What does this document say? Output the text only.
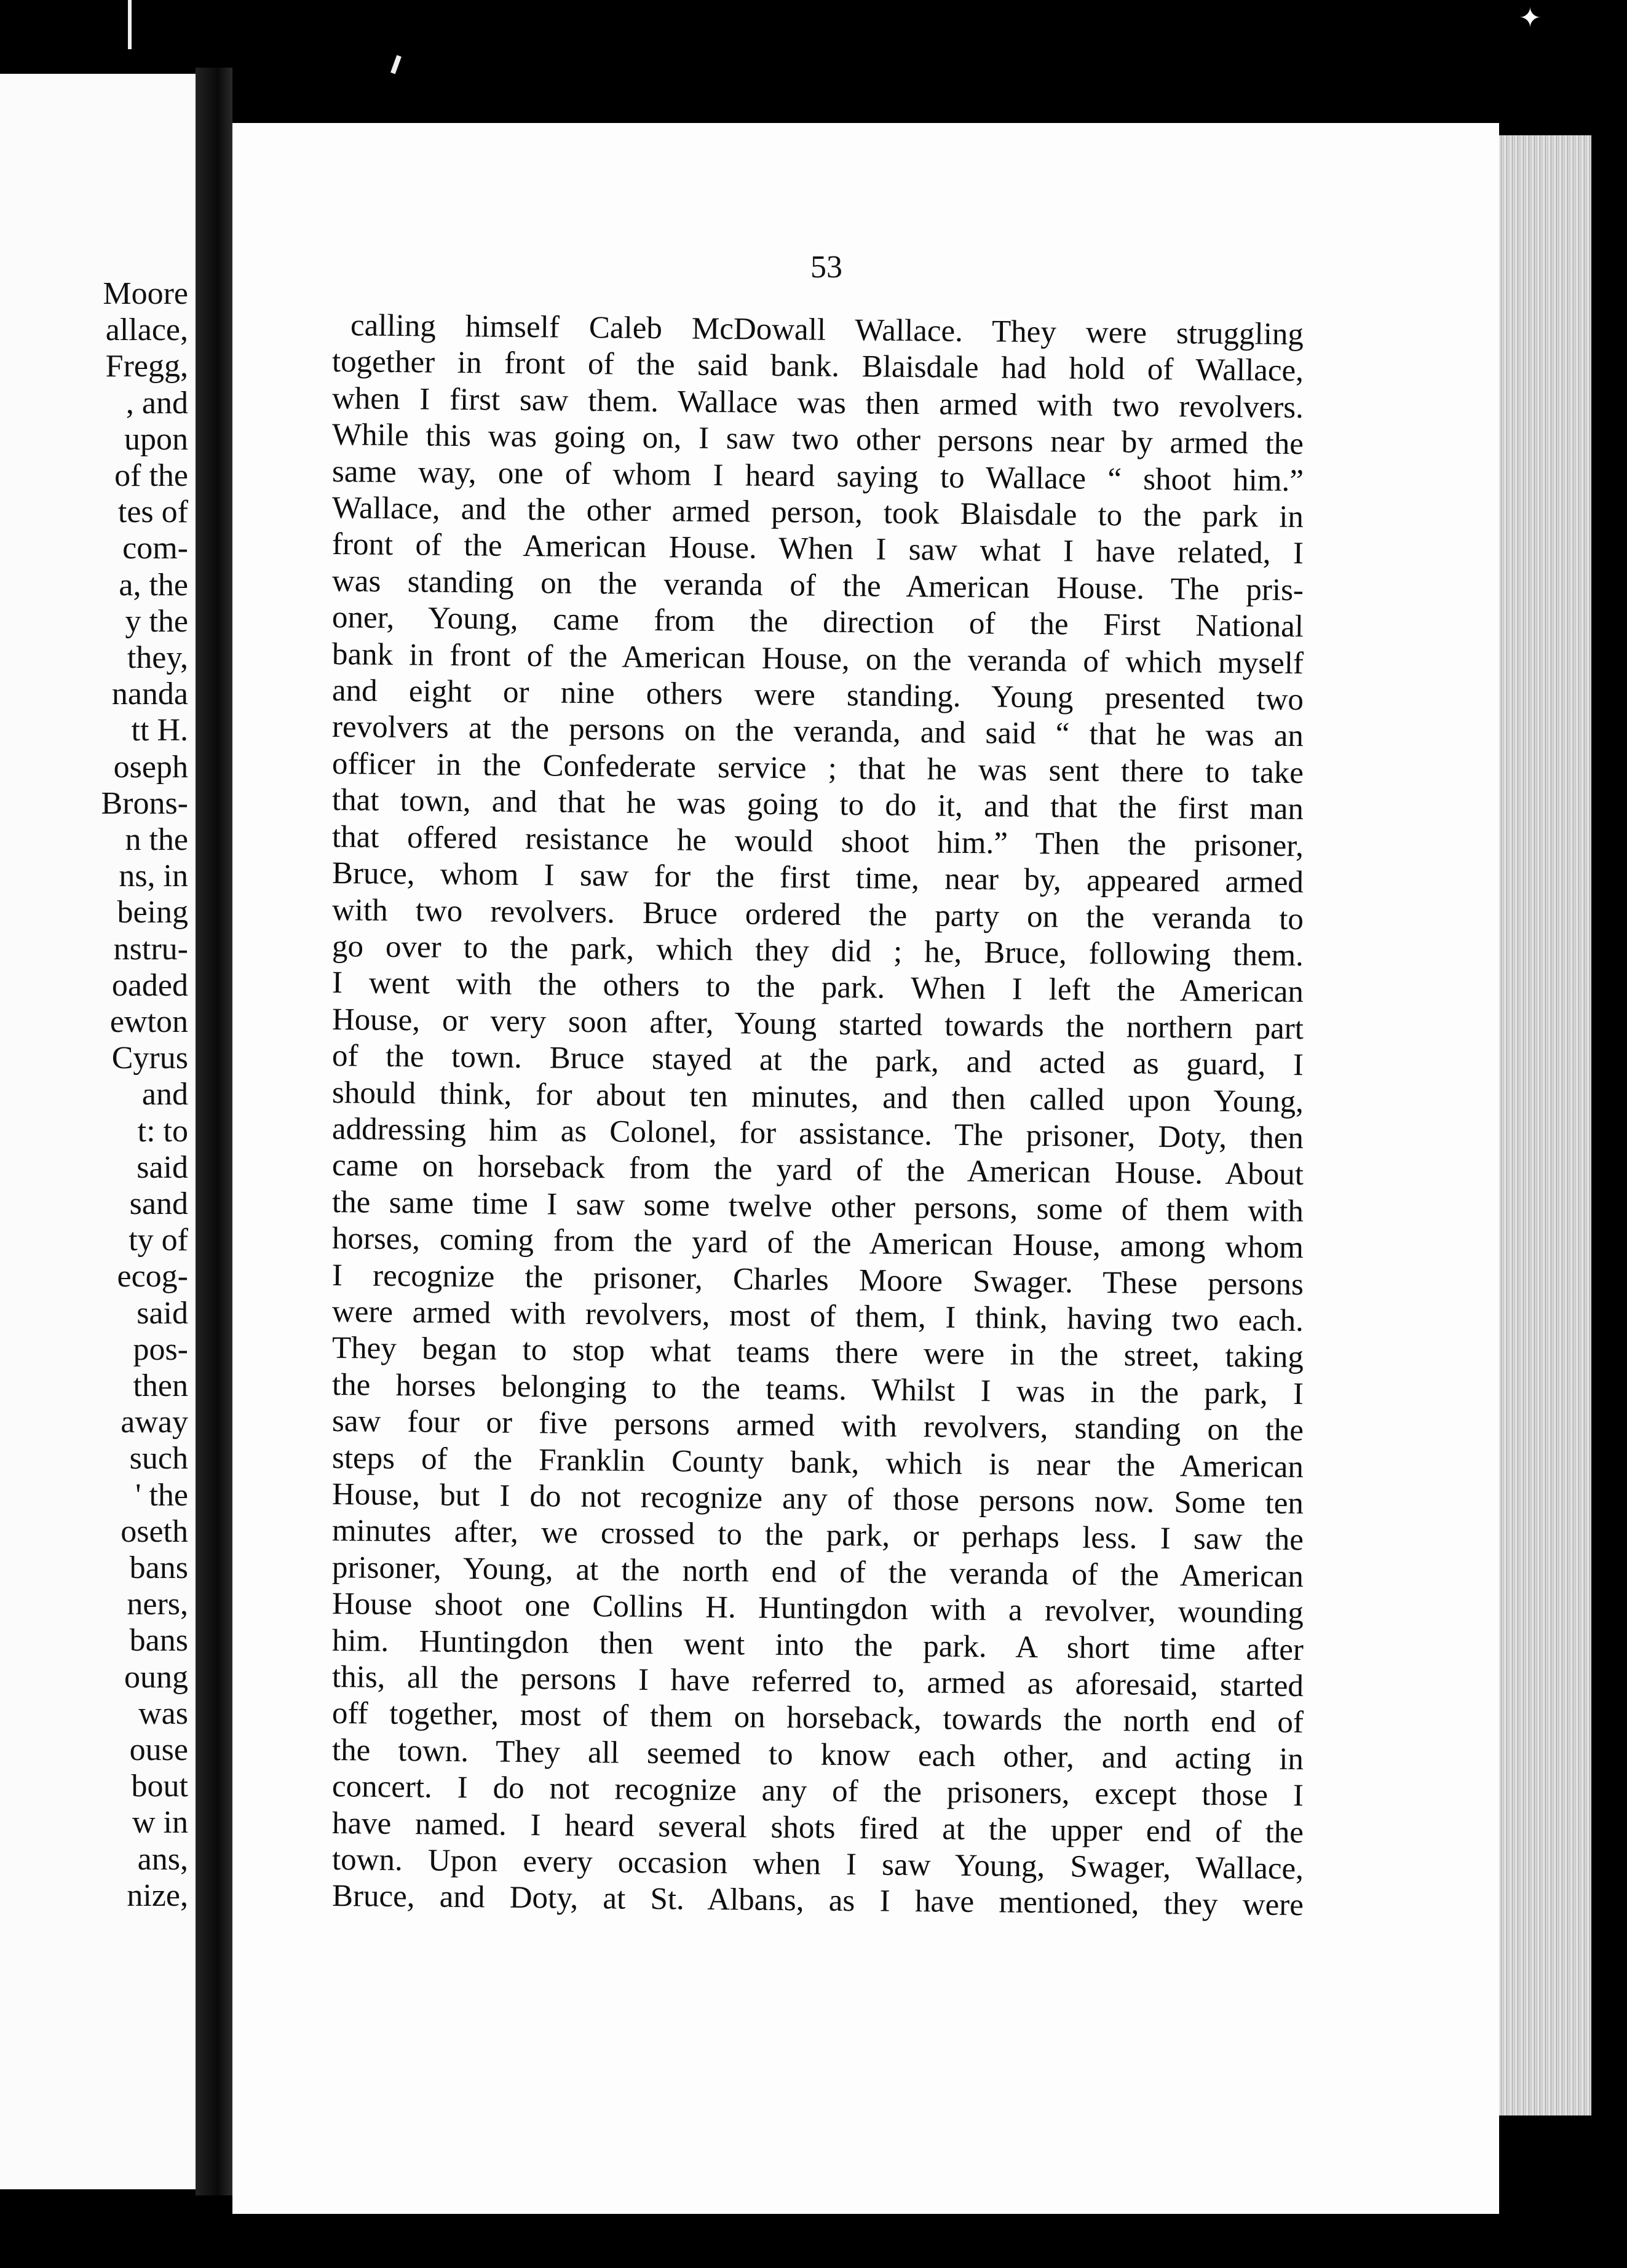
✦
Moore
allace,
Fregg,
, and
upon
of the
tes of
com-
a, the
y the
they,
nanda
tt H.
oseph
Brons-
n the
ns, in
being
nstru-
oaded
ewton
Cyrus
and
t: to
said
sand
ty of
ecog-
said
pos-
then
away
such
' the
oseth
bans
ners,
bans
oung
was
ouse
bout
w in
ans,
nize,
53
calling himself Caleb McDowall Wallace. They were struggling
together in front of the said bank. Blaisdale had hold of Wallace,
when I first saw them. Wallace was then armed with two revolvers.
While this was going on, I saw two other persons near by armed the
same way, one of whom I heard saying to Wallace “ shoot him.”
Wallace, and the other armed person, took Blaisdale to the park in
front of the American House. When I saw what I have related, I
was standing on the veranda of the American House. The pris-
oner, Young, came from the direction of the First National
bank in front of the American House, on the veranda of which myself
and eight or nine others were standing. Young presented two
revolvers at the persons on the veranda, and said “ that he was an
officer in the Confederate service ; that he was sent there to take
that town, and that he was going to do it, and that the first man
that offered resistance he would shoot him.” Then the prisoner,
Bruce, whom I saw for the first time, near by, appeared armed
with two revolvers. Bruce ordered the party on the veranda to
go over to the park, which they did ; he, Bruce, following them.
I went with the others to the park. When I left the American
House, or very soon after, Young started towards the northern part
of the town. Bruce stayed at the park, and acted as guard, I
should think, for about ten minutes, and then called upon Young,
addressing him as Colonel, for assistance. The prisoner, Doty, then
came on horseback from the yard of the American House. About
the same time I saw some twelve other persons, some of them with
horses, coming from the yard of the American House, among whom
I recognize the prisoner, Charles Moore Swager. These persons
were armed with revolvers, most of them, I think, having two each.
They began to stop what teams there were in the street, taking
the horses belonging to the teams. Whilst I was in the park, I
saw four or five persons armed with revolvers, standing on the
steps of the Franklin County bank, which is near the American
House, but I do not recognize any of those persons now. Some ten
minutes after, we crossed to the park, or perhaps less. I saw the
prisoner, Young, at the north end of the veranda of the American
House shoot one Collins H. Huntingdon with a revolver, wounding
him. Huntingdon then went into the park. A short time after
this, all the persons I have referred to, armed as aforesaid, started
off together, most of them on horseback, towards the north end of
the town. They all seemed to know each other, and acting in
concert. I do not recognize any of the prisoners, except those I
have named. I heard several shots fired at the upper end of the
town. Upon every occasion when I saw Young, Swager, Wallace,
Bruce, and Doty, at St. Albans, as I have mentioned, they were
